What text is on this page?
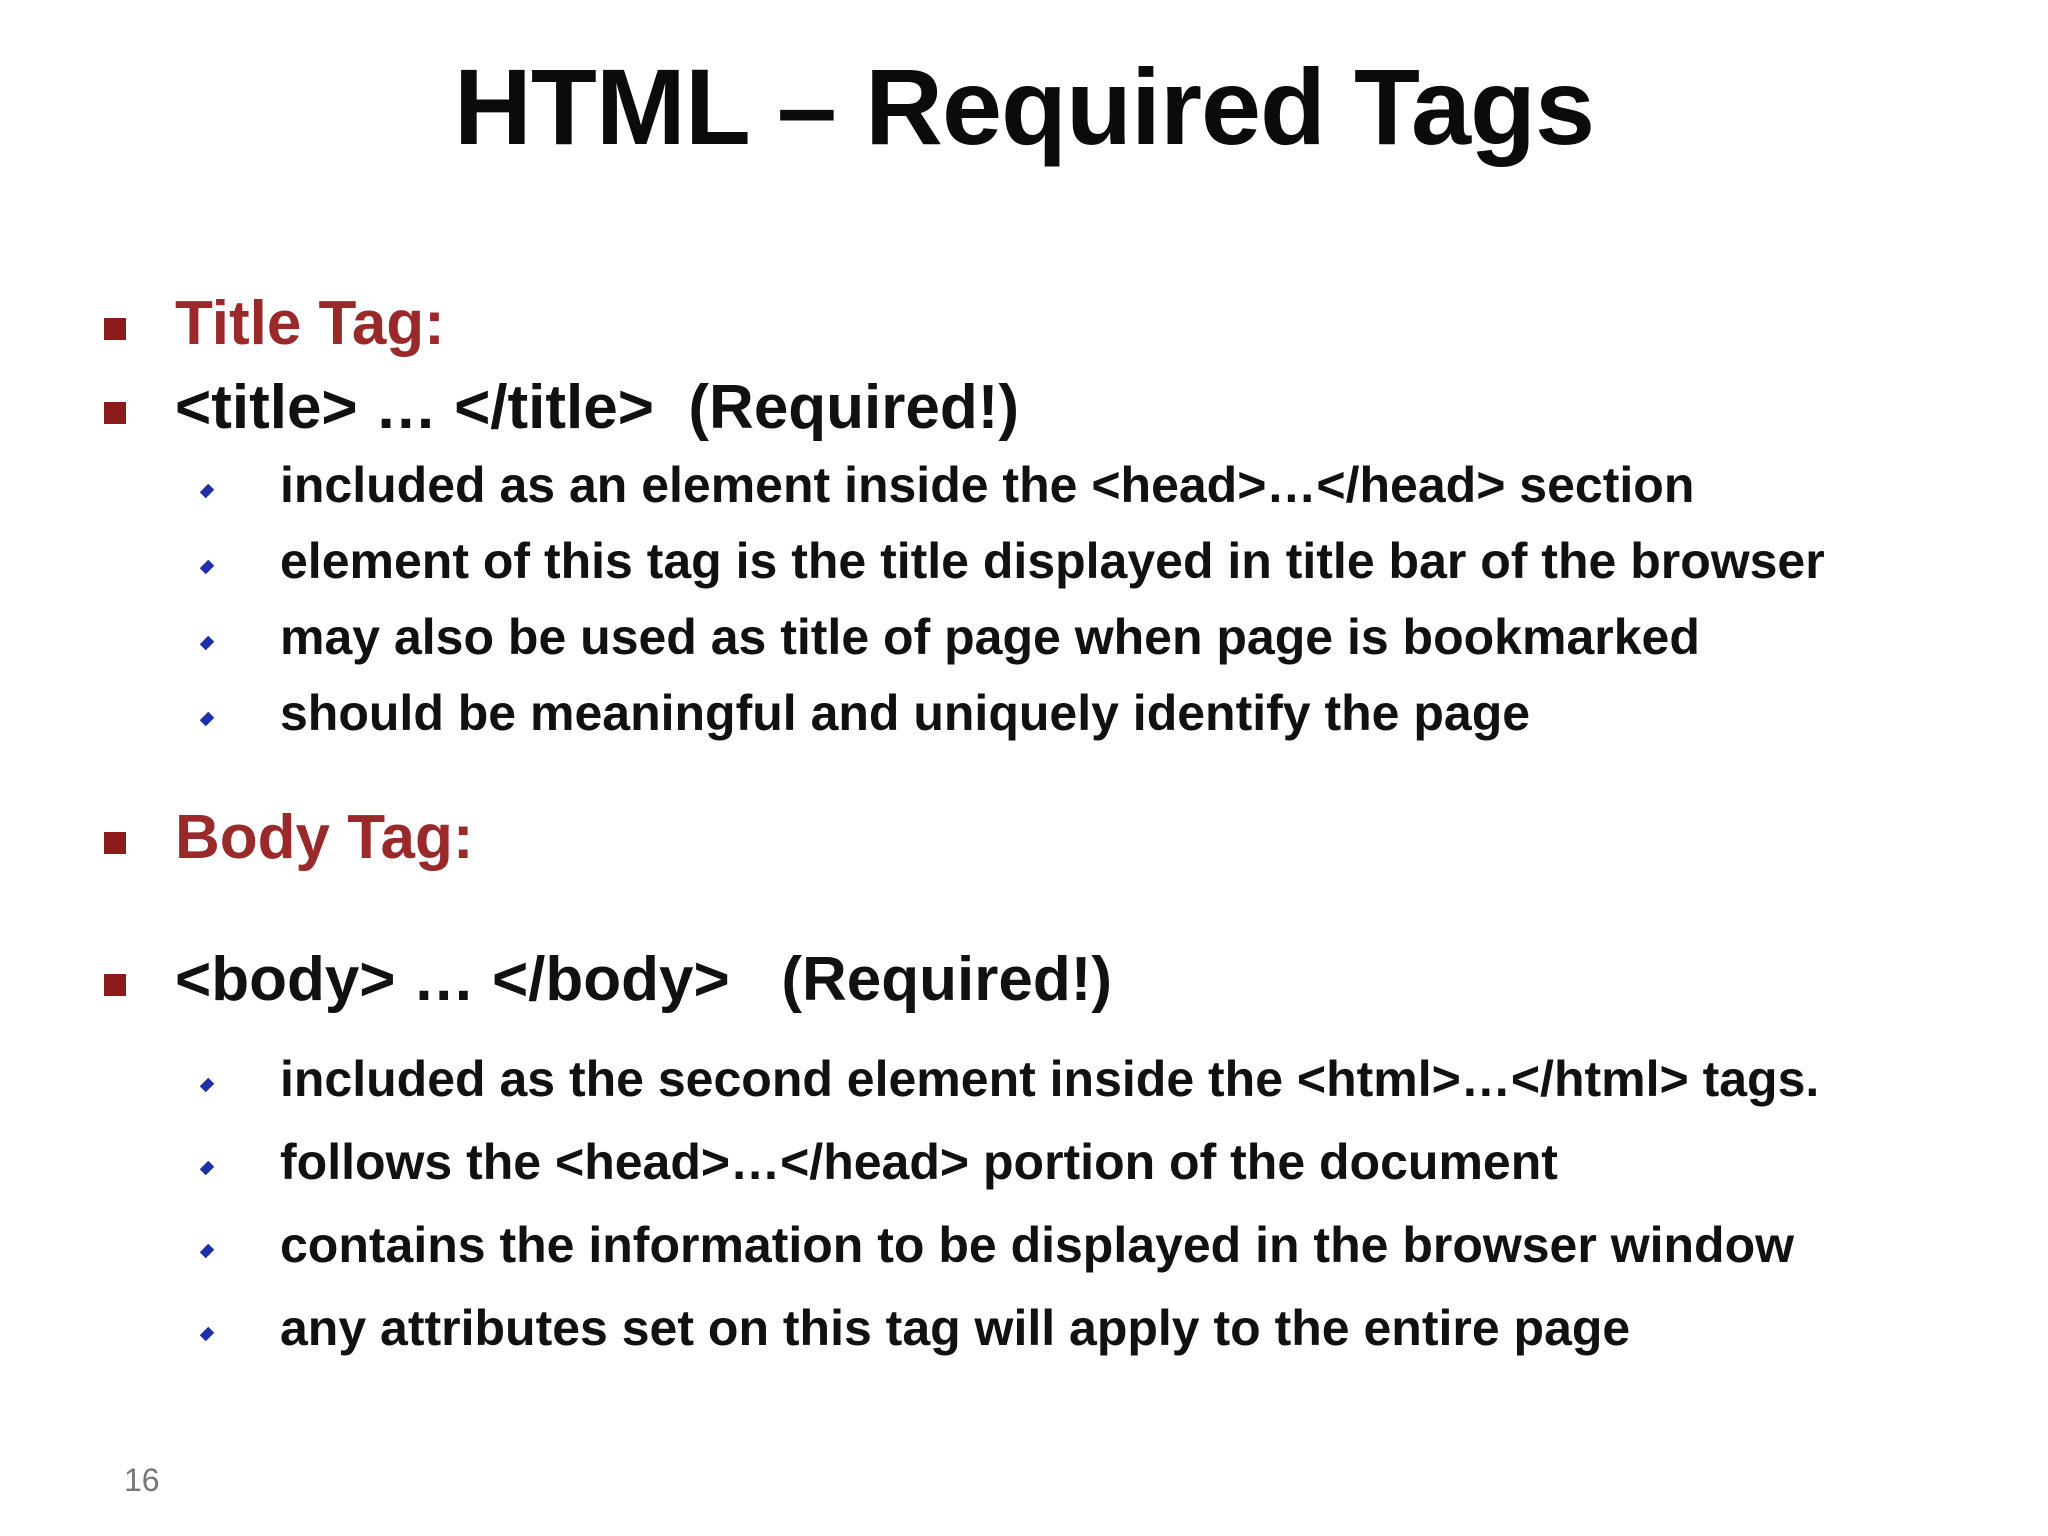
HTML – Required Tags
Title Tag:
<title> … </title>  (Required!)
included as an element inside the <head>…</head> section
element of this tag is the title displayed in title bar of the browser
may also be used as title of page when page is bookmarked
should be meaningful and uniquely identify the page
Body Tag:
<body> … </body>   (Required!)
included as the second element inside the <html>…</html> tags.
follows the <head>…</head> portion of the document
contains the information to be displayed in the browser window
any attributes set on this tag will apply to the entire page
16
